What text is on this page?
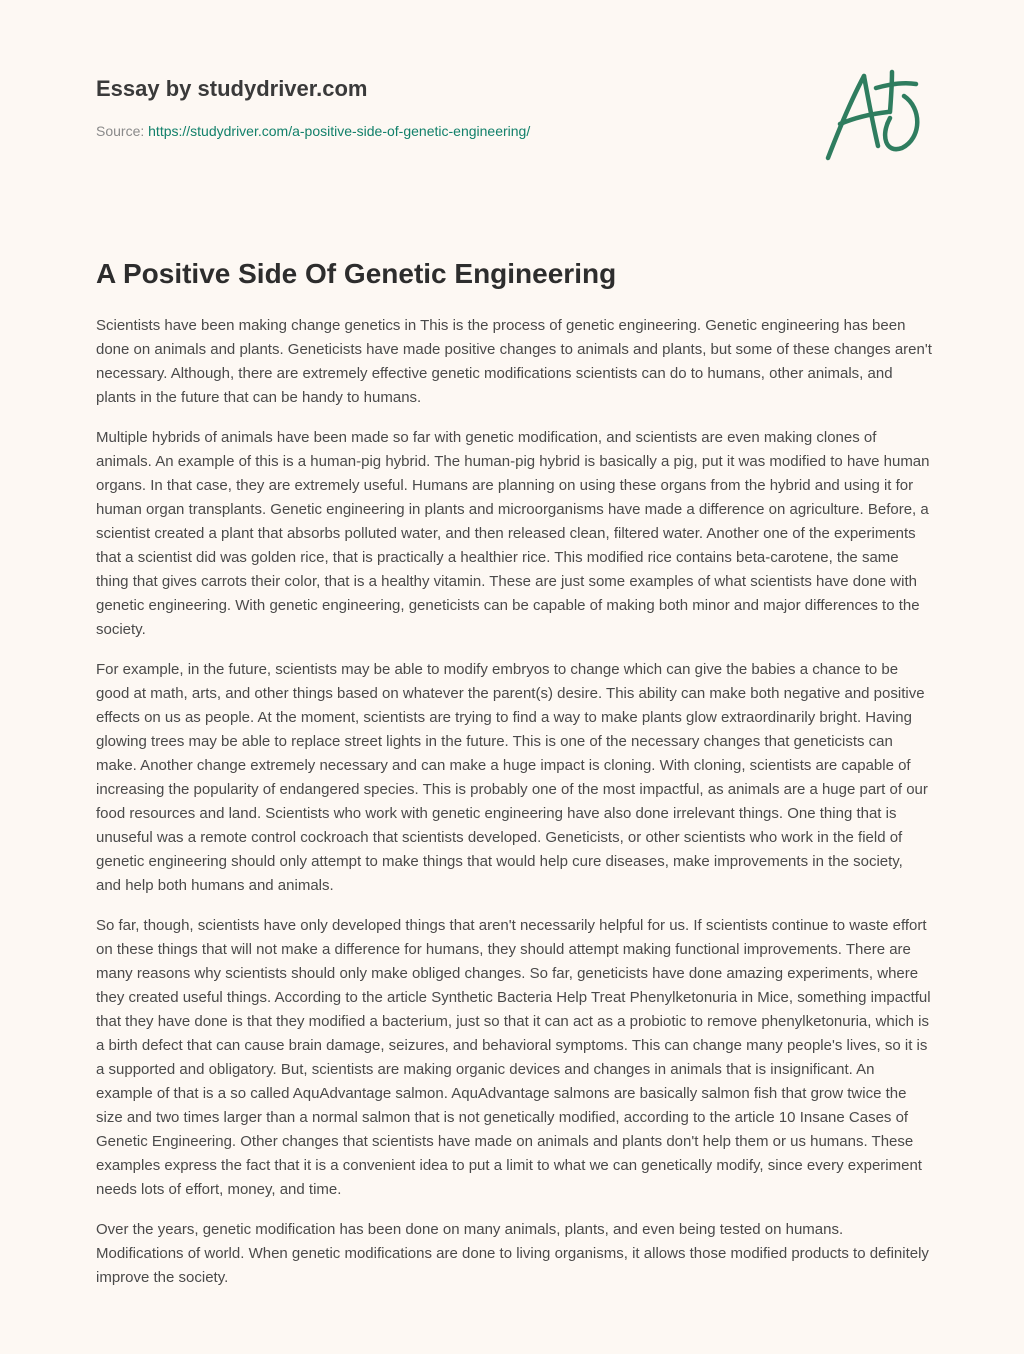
Essay by studydriver.com
Source: https://studydriver.com/a-positive-side-of-genetic-engineering/
A Positive Side Of Genetic Engineering

Scientists have been making change genetics in This is the process of genetic engineering. Genetic engineering has been done on animals and plants. Geneticists have made positive changes to animals and plants, but some of these changes aren't necessary. Although, there are extremely effective genetic modifications scientists can do to humans, other animals, and plants in the future that can be handy to humans.

Multiple hybrids of animals have been made so far with genetic modification, and scientists are even making clones of animals. An example of this is a human-pig hybrid. The human-pig hybrid is basically a pig, put it was modified to have human organs. In that case, they are extremely useful. Humans are planning on using these organs from the hybrid and using it for human organ transplants. Genetic engineering in plants and microorganisms have made a difference on agriculture. Before, a scientist created a plant that absorbs polluted water, and then released clean, filtered water. Another one of the experiments that a scientist did was golden rice, that is practically a healthier rice. This modified rice contains beta-carotene, the same thing that gives carrots their color, that is a healthy vitamin. These are just some examples of what scientists have done with genetic engineering. With genetic engineering, geneticists can be capable of making both minor and major differences to the society.

For example, in the future, scientists may be able to modify embryos to change which can give the babies a chance to be good at math, arts, and other things based on whatever the parent(s) desire. This ability can make both negative and positive effects on us as people. At the moment, scientists are trying to find a way to make plants glow extraordinarily bright. Having glowing trees may be able to replace street lights in the future. This is one of the necessary changes that geneticists can make. Another change extremely necessary and can make a huge impact is cloning. With cloning, scientists are capable of increasing the popularity of endangered species. This is probably one of the most impactful, as animals are a huge part of our food resources and land. Scientists who work with genetic engineering have also done irrelevant things. One thing that is unuseful was a remote control cockroach that scientists developed. Geneticists, or other scientists who work in the field of genetic engineering should only attempt to make things that would help cure diseases, make improvements in the society, and help both humans and animals.

So far, though, scientists have only developed things that aren't necessarily helpful for us. If scientists continue to waste effort on these things that will not make a difference for humans, they should attempt making functional improvements. There are many reasons why scientists should only make obliged changes. So far, geneticists have done amazing experiments, where they created useful things. According to the article Synthetic Bacteria Help Treat Phenylketonuria in Mice, something impactful that they have done is that they modified a bacterium, just so that it can act as a probiotic to remove phenylketonuria, which is a birth defect that can cause brain damage, seizures, and behavioral symptoms. This can change many people's lives, so it is a supported and obligatory. But, scientists are making organic devices and changes in animals that is insignificant. An example of that is a so called AquAdvantage salmon. AquAdvantage salmons are basically salmon fish that grow twice the size and two times larger than a normal salmon that is not genetically modified, according to the article 10 Insane Cases of Genetic Engineering. Other changes that scientists have made on animals and plants don't help them or us humans. These examples express the fact that it is a convenient idea to put a limit to what we can genetically modify, since every experiment needs lots of effort, money, and time.

Over the years, genetic modification has been done on many animals, plants, and even being tested on humans. Modifications of world. When genetic modifications are done to living organisms, it allows those modified products to definitely improve the society.
